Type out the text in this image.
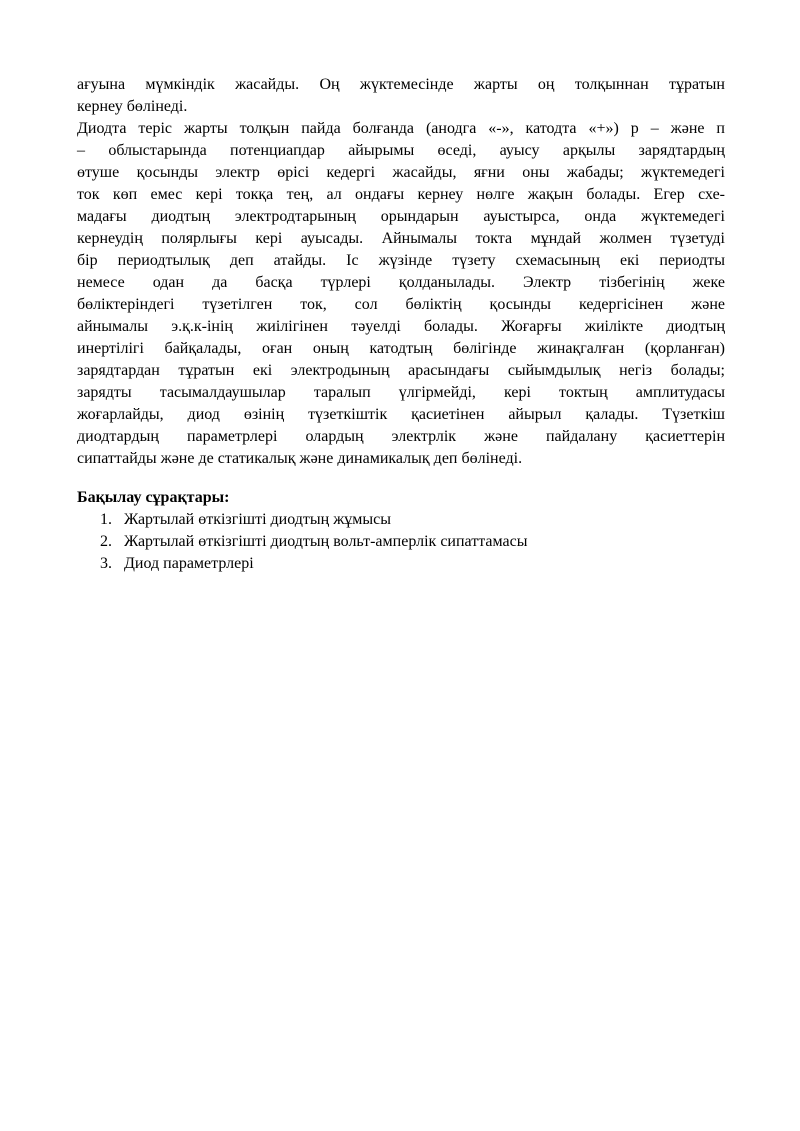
ағуына мүмкіндік жасайды. Оң жүктемесінде жарты оң толқыннан тұратын
кернеу бөлінеді.
Диодта теріс жарты толқын пайда болғанда (анодга «-», катодта «+») р – және п
– облыстарында потенциапдар айырымы өседі, ауысу арқылы зарядтардың
өтуше қосынды электр өрісі кедергі жасайды, яғни оны жабады; жүктемедегі
ток көп емес кері токқа тең, ал ондағы кернеу нөлге жақын болады. Егер схе-
мадағы диодтың электродтарының орындарын ауыстырса, онда жүктемедегі
кернеудің полярлығы кері ауысады. Айнымалы токта мұндай жолмен түзетуді
бір периодтылық деп атайды. Іс жүзінде түзету схемасының екі периодты
немесе одан да басқа түрлері қолданылады. Электр тізбегінің жеке
бөліктеріндегі түзетілген ток, сол бөліктің қосынды кедергісінен және
айнымалы э.қ.к-інің жиілігінен тәуелді болады. Жоғарғы жиілікте диодтың
инертілігі байқалады, оған оның катодтың бөлігінде жинақгалған (қорланған)
зарядтардан тұратын екі электродының арасындағы сыйымдылық негіз болады;
зарядты тасымалдаушылар таралып үлгірмейді, кері токтың амплитудасы
жоғарлайды, диод өзінің түзеткіштік қасиетінен айырыл қалады. Түзеткіш
диодтардың параметрлері олардың электрлік және пайдалану қасиеттерін
сипаттайды және де статикалық және динамикалық деп бөлінеді.
Бақылау сұрақтары:
1. Жартылай өткізгішті диодтың жұмысы
2. Жартылай өткізгішті диодтың вольт-амперлік сипаттамасы
3. Диод параметрлері
